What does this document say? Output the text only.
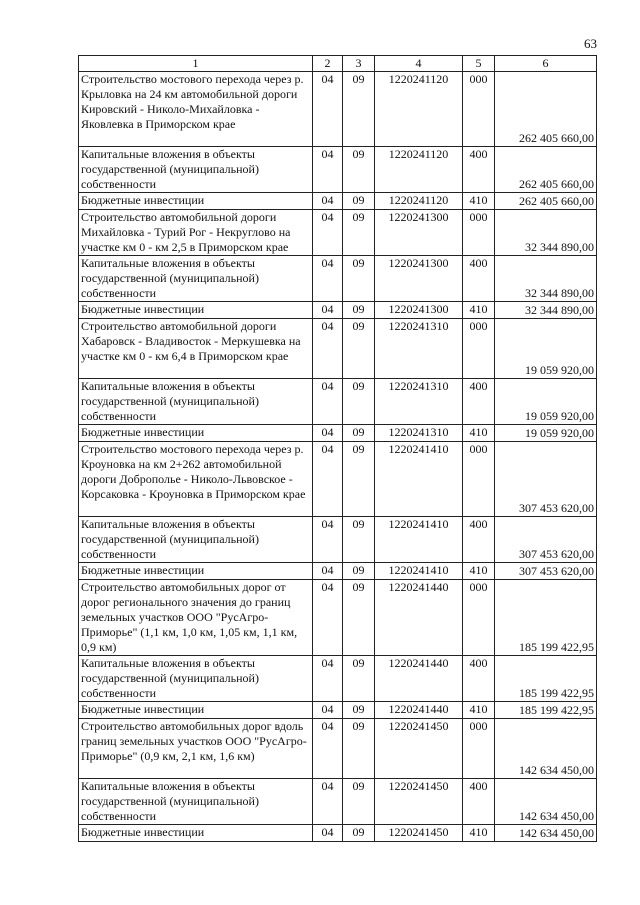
63
1	2	3	4	5	6
Строительство мостового перехода через р. Крыловка на 24 км автомобильной дороги Кировский - Николо-Михайловка - Яковлевка в Приморском крае	04	09	1220241120	000	262 405 660,00
Капитальные вложения в объекты государственной (муниципальной) собственности	04	09	1220241120	400	262 405 660,00
Бюджетные инвестиции	04	09	1220241120	410	262 405 660,00
Строительство автомобильной дороги Михайловка - Турий Рог - Некруглово на участке км 0 - км 2,5 в Приморском крае	04	09	1220241300	000	32 344 890,00
Капитальные вложения в объекты государственной (муниципальной) собственности	04	09	1220241300	400	32 344 890,00
Бюджетные инвестиции	04	09	1220241300	410	32 344 890,00
Строительство автомобильной дороги Хабаровск - Владивосток - Меркушевка на участке км 0 - км 6,4 в Приморском крае	04	09	1220241310	000	19 059 920,00
Капитальные вложения в объекты государственной (муниципальной) собственности	04	09	1220241310	400	19 059 920,00
Бюджетные инвестиции	04	09	1220241310	410	19 059 920,00
Строительство мостового перехода через р. Кроуновка на км 2+262 автомобильной дороги Доброполье - Николо-Львовское - Корсаковка - Кроуновка в Приморском крае	04	09	1220241410	000	307 453 620,00
Капитальные вложения в объекты государственной (муниципальной) собственности	04	09	1220241410	400	307 453 620,00
Бюджетные инвестиции	04	09	1220241410	410	307 453 620,00
Строительство автомобильных дорог от дорог регионального значения до границ земельных участков ООО "РусАгро-Приморье" (1,1 км, 1,0 км, 1,05 км, 1,1 км, 0,9 км)	04	09	1220241440	000	185 199 422,95
Капитальные вложения в объекты государственной (муниципальной) собственности	04	09	1220241440	400	185 199 422,95
Бюджетные инвестиции	04	09	1220241440	410	185 199 422,95
Строительство автомобильных дорог вдоль границ земельных участков ООО "РусАгро-Приморье" (0,9 км, 2,1 км, 1,6 км)	04	09	1220241450	000	142 634 450,00
Капитальные вложения в объекты государственной (муниципальной) собственности	04	09	1220241450	400	142 634 450,00
Бюджетные инвестиции	04	09	1220241450	410	142 634 450,00
